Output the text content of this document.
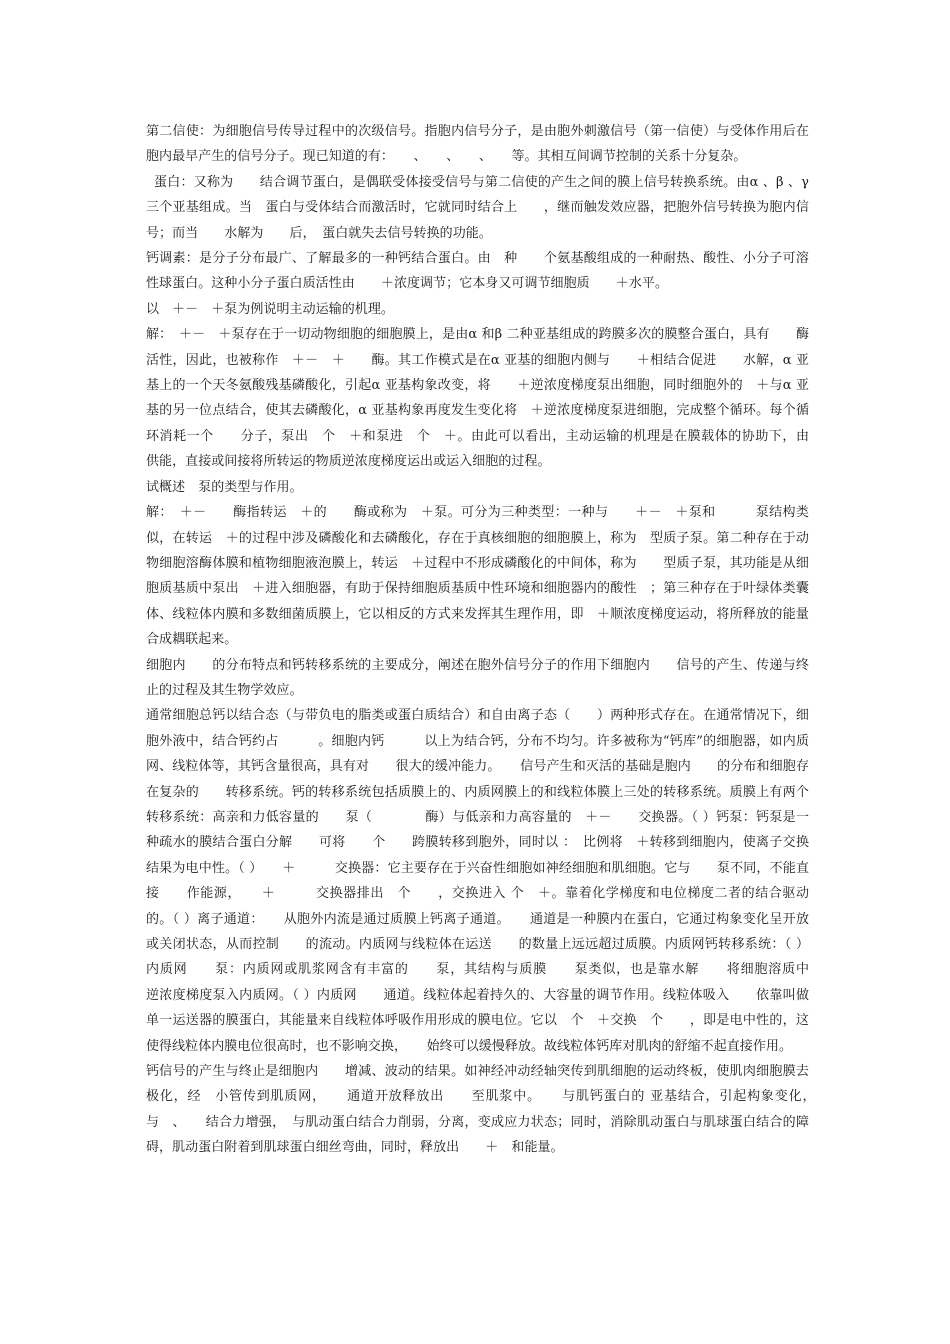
第二信使：为细胞信号传导过程中的次级信号。指胞内信号分子，是由胞外刺激信号（第一信使）与受体作用后在胞内最早产生的信号分子。现已知道的有：　　、　　、　　、　　等。其相互间调节控制的关系十分复杂。

蛋白：又称为　　结合调节蛋白，是偶联受体接受信号与第二信使的产生之间的膜上信号转换系统。由α 、β 、γ 三个亚基组成。当　蛋白与受体结合而激活时，它就同时结合上　　，继而触发效应器，把胞外信号转换为胞内信号；而当　　水解为　　后，　蛋白就失去信号转换的功能。

钙调素：是分子分布最广、了解最多的一种钙结合蛋白。由　种　　个氨基酸组成的一种耐热、酸性、小分子可溶性球蛋白。这种小分子蛋白质活性由　　＋浓度调节；它本身又可调节细胞质　　＋水平。

以　＋－　＋泵为例说明主动运输的机理。

解：　＋－　＋泵存在于一切动物细胞的细胞膜上，是由α 和β 二种亚基组成的跨膜多次的膜整合蛋白，具有　　酶活性，因此，也被称作　＋－　＋　　酶。其工作模式是在α 亚基的细胞内侧与　　＋相结合促进　　水解，α 亚基上的一个天冬氨酸残基磷酸化，引起α 亚基构象改变，将　　＋逆浓度梯度泵出细胞，同时细胞外的　＋与α 亚基的另一位点结合，使其去磷酸化，α 亚基构象再度发生变化将　＋逆浓度梯度泵进细胞，完成整个循环。每个循环消耗一个　　分子，泵出　个　＋和泵进　个　＋。由此可以看出，主动运输的机理是在膜载体的协助下，由　　供能，直接或间接将所转运的物质逆浓度梯度运出或运入细胞的过程。

试概述　泵的类型与作用。

解：　＋－　　酶指转运　＋的　　酶或称为　＋泵。可分为三种类型：一种与　　＋－　＋泵和　　　泵结构类似，在转运　＋的过程中涉及磷酸化和去磷酸化，存在于真核细胞的细胞膜上，称为　型质子泵。第二种存在于动物细胞溶酶体膜和植物细胞液泡膜上，转运　＋过程中不形成磷酸化的中间体，称为　　型质子泵，其功能是从细胞质基质中泵出　＋进入细胞器，有助于保持细胞质基质中性环境和细胞器内的酸性　；第三种存在于叶绿体类囊体、线粒体内膜和多数细菌质膜上，它以相反的方式来发挥其生理作用，即　＋顺浓度梯度运动，将所释放的能量　　合成耦联起来。

细胞内　　的分布特点和钙转移系统的主要成分，阐述在胞外信号分子的作用下细胞内　　信号的产生、传递与终止的过程及其生物学效应。

通常细胞总钙以结合态（与带负电的脂类或蛋白质结合）和自由离子态（　　）两种形式存在。在通常情况下，细胞外液中，结合钙约占　　　。细胞内钙　　　以上为结合钙，分布不均匀。许多被称为“钙库”的细胞器，如内质网、线粒体等，其钙含量很高，具有对　　很大的缓冲能力。　　信号产生和灭活的基础是胞内　　的分布和细胞存在复杂的　　转移系统。钙的转移系统包括质膜上的、内质网膜上的和线粒体膜上三处的转移系统。质膜上有两个　　转移系统：高亲和力低容量的　　泵（　　　　酶）与低亲和力高容量的　＋－　　交换器。（ ）钙泵：钙泵是一种疏水的膜结合蛋白分解　　可将　　个　　跨膜转移到胞外，同时以 ：　比例将　＋转移到细胞内，使离子交换结果为电中性。（ ）　　＋　　　交换器：它主要存在于兴奋性细胞如神经细胞和肌细胞。它与　　泵不同，不能直接　　作能源，　　＋　　　交换器排出　个　　，交换进入 个　＋。靠着化学梯度和电位梯度二者的结合驱动的。（ ）离子通道：　　从胞外内流是通过质膜上钙离子通道。　　通道是一种膜内在蛋白，它通过构象变化呈开放或关闭状态，从而控制　　的流动。内质网与线粒体在运送　　的数量上远远超过质膜。内质网钙转移系统：（ ）内质网　　泵：内质网或肌浆网含有丰富的　　泵，其结构与质膜　　泵类似，也是靠水解　　将细胞溶质中　　逆浓度梯度泵入内质网。（ ）内质网　　通道。线粒体起着持久的、大容量的调节作用。线粒体吸入　　依靠叫做单一运送器的膜蛋白，其能量来自线粒体呼吸作用形成的膜电位。它以　个　＋交换　个　　，即是电中性的，这使得线粒体内膜电位很高时，也不影响交换，　　始终可以缓慢释放。故线粒体钙库对肌肉的舒缩不起直接作用。

钙信号的产生与终止是细胞内　　增减、波动的结果。如神经冲动经轴突传到肌细胞的运动终板，使肌肉细胞膜去极化，经　小管传到肌质网，　　通道开放释放出　　至肌浆中。　　与肌钙蛋白的 亚基结合，引起构象变化，　与　、　　结合力增强，　与肌动蛋白结合力削弱，分离，变成应力状态；同时，消除肌动蛋白与肌球蛋白结合的障碍，肌动蛋白附着到肌球蛋白细丝弯曲，同时，释放出　　＋　和能量。
